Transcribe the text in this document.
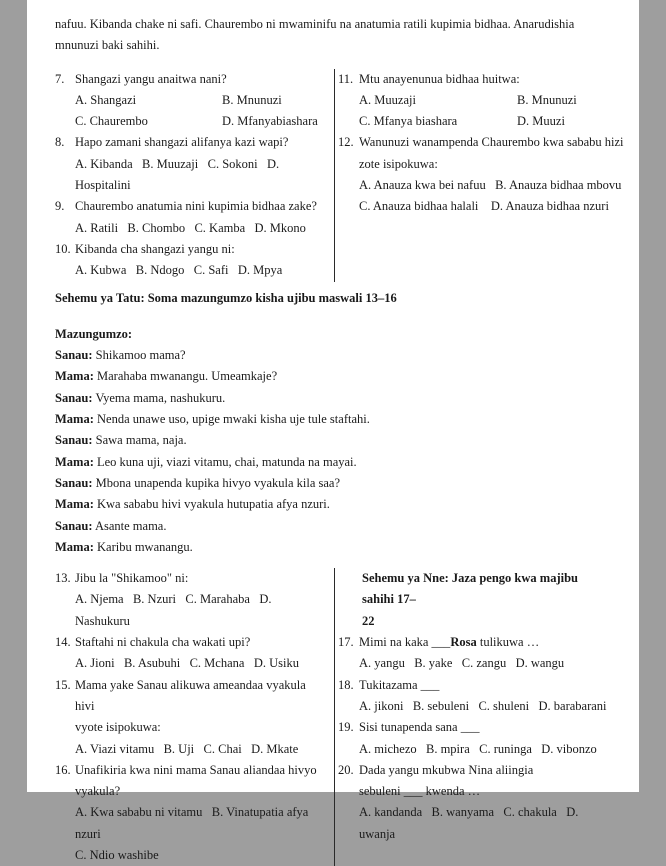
nafuu. Kibanda chake ni safi. Chaurembo ni mwaminifu na anatumia ratili kupimia bidhaa. Anarudishia mnunuzi baki sahihi.
7. Shangazi yangu anaitwa nani?
A. Shangazi	B. Mnunuzi
C. Chaurembo	D. Mfanyabiashara
8. Hapo zamani shangazi alifanya kazi wapi?
A. Kibanda   B. Muuzaji   C. Sokoni   D. Hospitalini
9. Chaurembo anatumia nini kupimia bidhaa zake?
A. Ratili   B. Chombo   C. Kamba   D. Mkono
10. Kibanda cha shangazi yangu ni:
A. Kubwa   B. Ndogo   C. Safi   D. Mpya
11. Mtu anayenunua bidhaa huitwa:
A. Muuzaji	B. Mnunuzi
C. Mfanya biashara	D. Muuzi
12. Wanunuzi wanampenda Chaurembo kwa sababu hizi
zote isipokuwa:
A. Anauza kwa bei nafuu   B. Anauza bidhaa mbovu
C. Anauza bidhaa halali    D. Anauza bidhaa nzuri
Sehemu ya Tatu: Soma mazungumzo kisha ujibu maswali 13–16
Mazungumzo:
Sanau: Shikamoo mama?
Mama: Marahaba mwanangu. Umeamkaje?
Sanau: Vyema mama, nashukuru.
Mama: Nenda unawe uso, upige mwaki kisha uje tule staftahi.
Sanau: Sawa mama, naja.
Mama: Leo kuna uji, viazi vitamu, chai, matunda na mayai.
Sanau: Mbona unapenda kupika hivyo vyakula kila saa?
Mama: Kwa sababu hivi vyakula hutupatia afya nzuri.
Sanau: Asante mama.
Mama: Karibu mwanangu.
13. Jibu la "Shikamoo" ni:
A. Njema   B. Nzuri   C. Marahaba   D. Nashukuru
14. Staftahi ni chakula cha wakati upi?
A. Jioni   B. Asubuhi   C. Mchana   D. Usiku
15. Mama yake Sanau alikuwa ameandaa vyakula hivi
vyote isipokuwa:
A. Viazi vitamu   B. Uji   C. Chai   D. Mkate
16. Unafikiria kwa nini mama Sanau aliandaa hivyo
vyakula?
A. Kwa sababu ni vitamu   B. Vinatupatia afya nzuri
C. Ndio washibe
Sehemu ya Nne: Jaza pengo kwa majibu sahihi 17–
22
17. Mimi na kaka ___Rosa tulikuwa …
A. yangu   B. yake   C. zangu   D. wangu
18. Tukitazama ___
A. jikoni   B. sebuleni   C. shuleni   D. barabarani
19. Sisi tunapenda sana ___
A. michezo   B. mpira   C. runinga   D. vibonzo
20. Dada yangu mkubwa Nina aliingia
sebuleni ___ kwenda …
A. kandanda   B. wanyama   C. chakula   D. uwanja
